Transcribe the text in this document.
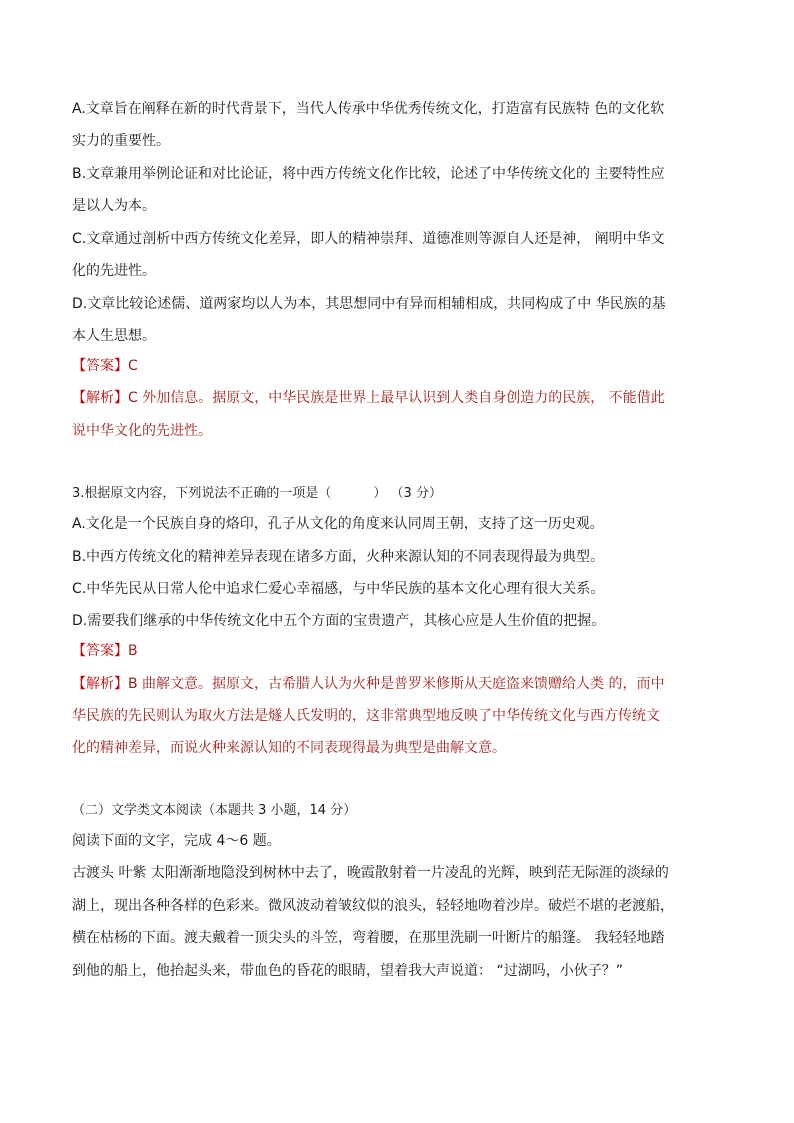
A.文章旨在阐释在新的时代背景下，当代人传承中华优秀传统文化，打造富有民族特 色的文化软
实力的重要性。
B.文章兼用举例论证和对比论证，将中西方传统文化作比较，论述了中华传统文化的 主要特性应
是以人为本。
C.文章通过剖析中西方传统文化差异，即人的精神崇拜、道德准则等源自人还是神， 阐明中华文
化的先进性。
D.文章比较论述儒、道两家均以人为本，其思想同中有异而相辅相成，共同构成了中 华民族的基
本人生思想。
【答案】C
【解析】C 外加信息。据原文，中华民族是世界上最早认识到人类自身创造力的民族， 不能借此
说中华文化的先进性。
3.根据原文内容，下列说法不正确的一项是（	） （3 分）
A.文化是一个民族自身的烙印，孔子从文化的角度来认同周王朝，支持了这一历史观。
B.中西方传统文化的精神差异表现在诸多方面，火种来源认知的不同表现得最为典型。
C.中华先民从日常人伦中追求仁爱心幸福感，与中华民族的基本文化心理有很大关系。
D.需要我们继承的中华传统文化中五个方面的宝贵遗产，其核心应是人生价值的把握。
【答案】B
【解析】B 曲解文意。据原文，古希腊人认为火种是普罗米修斯从天庭盗来馈赠给人类 的，而中
华民族的先民则认为取火方法是燧人氏发明的，这非常典型地反映了中华传统文化与西方传统文
化的精神差异，而说火种来源认知的不同表现得最为典型是曲解文意。
（二）文学类文本阅读（本题共 3 小题，14 分）
阅读下面的文字，完成 4～6 题。
古渡头 叶紫 太阳渐渐地隐没到树林中去了，晚霞散射着一片凌乱的光辉，映到茫无际涯的淡绿的
湖上，现出各种各样的色彩来。微风波动着皱纹似的浪头，轻轻地吻着沙岸。破烂不堪的老渡船，
横在枯杨的下面。渡夫戴着一顶尖头的斗笠，弯着腰，在那里洗刷一叶断片的船篷。 我轻轻地踏
到他的船上，他抬起头来，带血色的昏花的眼睛，望着我大声说道： “过湖吗，小伙子？”
